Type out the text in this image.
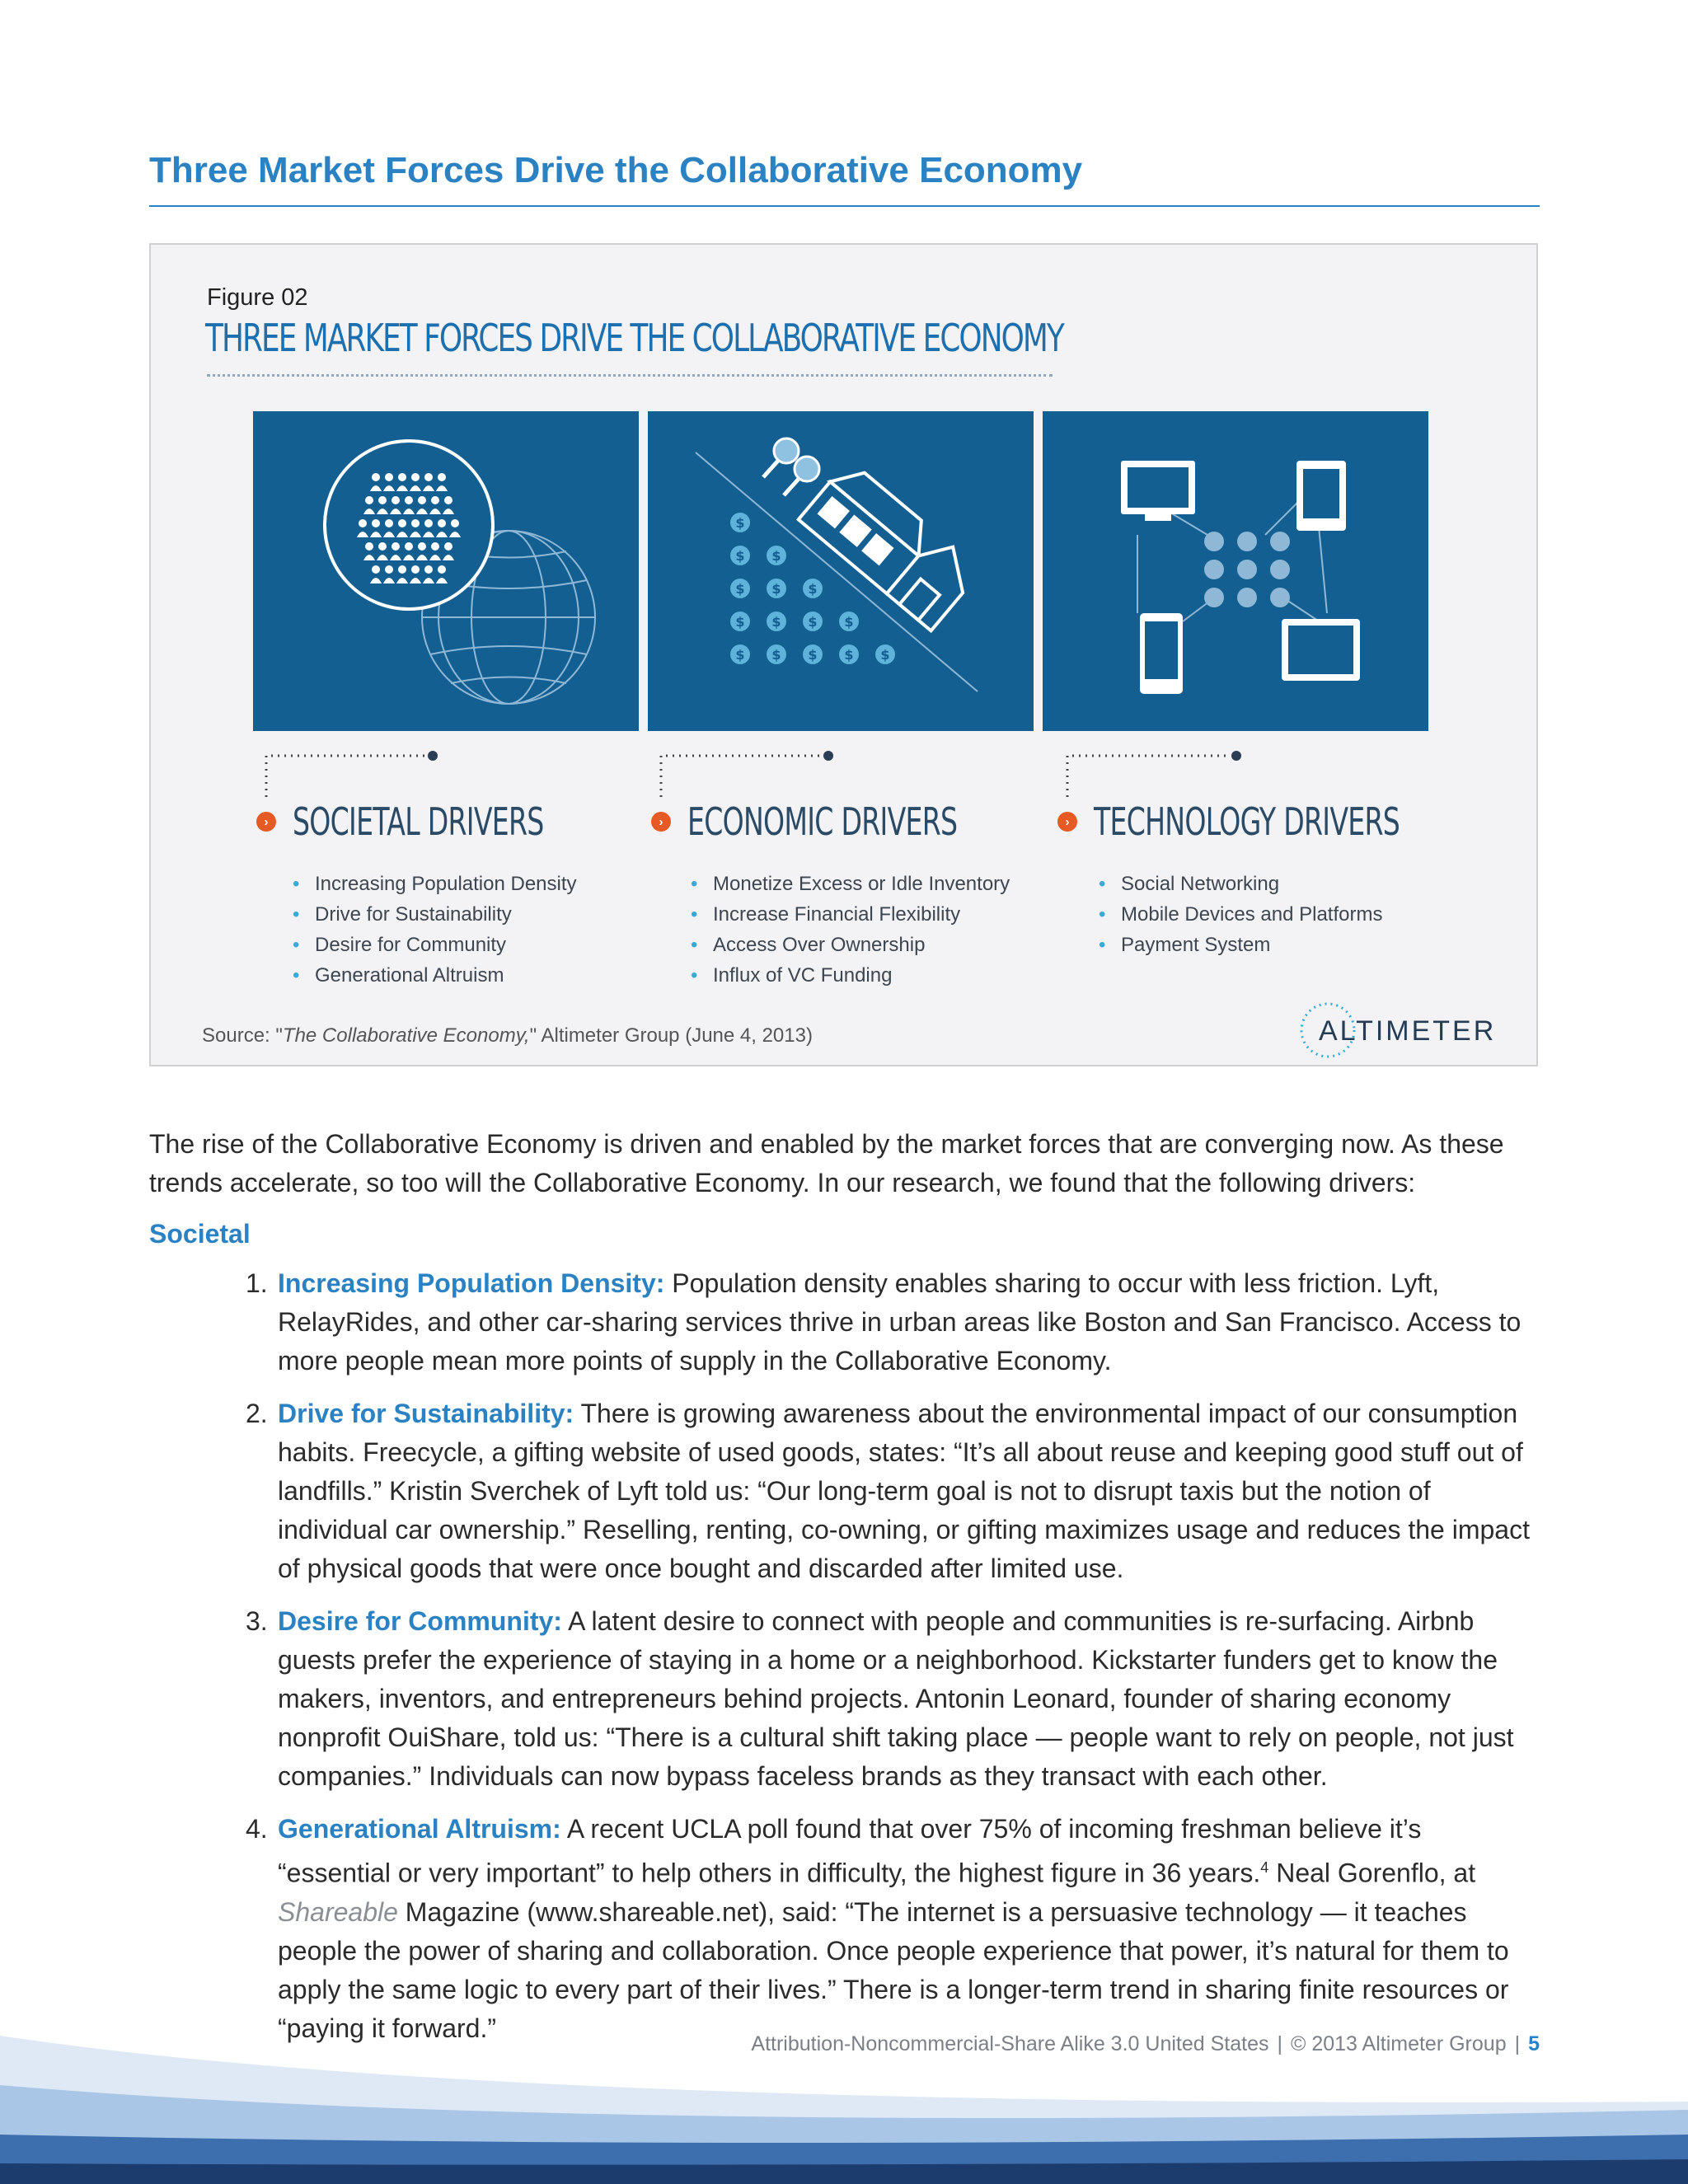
Three Market Forces Drive the Collaborative Economy
Figure 02
THREE MARKET FORCES DRIVE THE COLLABORATIVE ECONOMY
$
$ $
$ $ $
$ $ $ $
$ $ $ $ $
› SOCIETAL DRIVERS
• Increasing Population Density
• Drive for Sustainability
• Desire for Community
• Generational Altruism
› ECONOMIC DRIVERS
• Monetize Excess or Idle Inventory
• Increase Financial Flexibility
• Access Over Ownership
• Influx of VC Funding
› TECHNOLOGY DRIVERS
• Social Networking
• Mobile Devices and Platforms
• Payment System
Source: "The Collaborative Economy," Altimeter Group (June 4, 2013)	ALTIMETER

The rise of the Collaborative Economy is driven and enabled by the market forces that are converging now. As these trends accelerate, so too will the Collaborative Economy. In our research, we found that the following drivers:

Societal
1. Increasing Population Density: Population density enables sharing to occur with less friction. Lyft, RelayRides, and other car-sharing services thrive in urban areas like Boston and San Francisco. Access to more people mean more points of supply in the Collaborative Economy.
2. Drive for Sustainability: There is growing awareness about the environmental impact of our consumption habits. Freecycle, a gifting website of used goods, states: “It’s all about reuse and keeping good stuff out of landfills.” Kristin Sverchek of Lyft told us: “Our long-term goal is not to disrupt taxis but the notion of individual car ownership.” Reselling, renting, co-owning, or gifting maximizes usage and reduces the impact of physical goods that were once bought and discarded after limited use.
3. Desire for Community: A latent desire to connect with people and communities is re-surfacing. Airbnb guests prefer the experience of staying in a home or a neighborhood. Kickstarter funders get to know the makers, inventors, and entrepreneurs behind projects. Antonin Leonard, founder of sharing economy nonprofit OuiShare, told us: “There is a cultural shift taking place — people want to rely on people, not just companies.” Individuals can now bypass faceless brands as they transact with each other.
4. Generational Altruism: A recent UCLA poll found that over 75% of incoming freshman believe it’s “essential or very important” to help others in difficulty, the highest figure in 36 years.$^4$ Neal Gorenflo, at Shareable Magazine (www.shareable.net), said: “The internet is a persuasive technology — it teaches people the power of sharing and collaboration. Once people experience that power, it’s natural for them to apply the same logic to every part of their lives.” There is a longer-term trend in sharing finite resources or “paying it forward.”
Attribution-Noncommercial-Share Alike 3.0 United States | © 2013 Altimeter Group | 5
